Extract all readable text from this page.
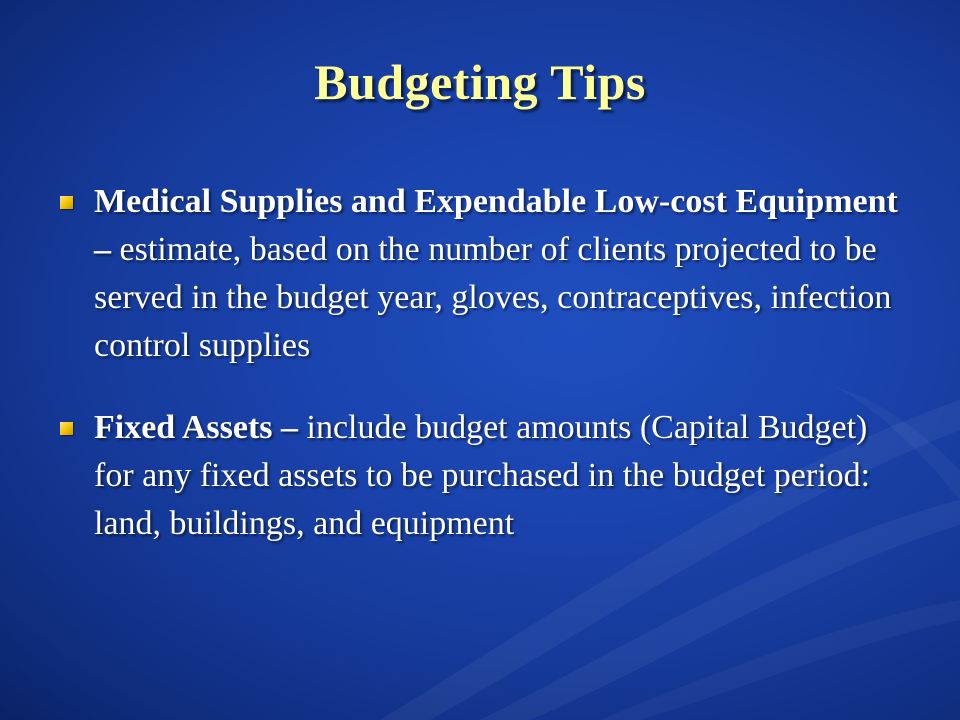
Budgeting Tips
Medical Supplies and Expendable Low-cost Equipment – estimate, based on the number of clients projected to be served in the budget year, gloves, contraceptives, infection control supplies
Fixed Assets – include budget amounts (Capital Budget) for any fixed assets to be purchased in the budget period: land, buildings, and equipment
